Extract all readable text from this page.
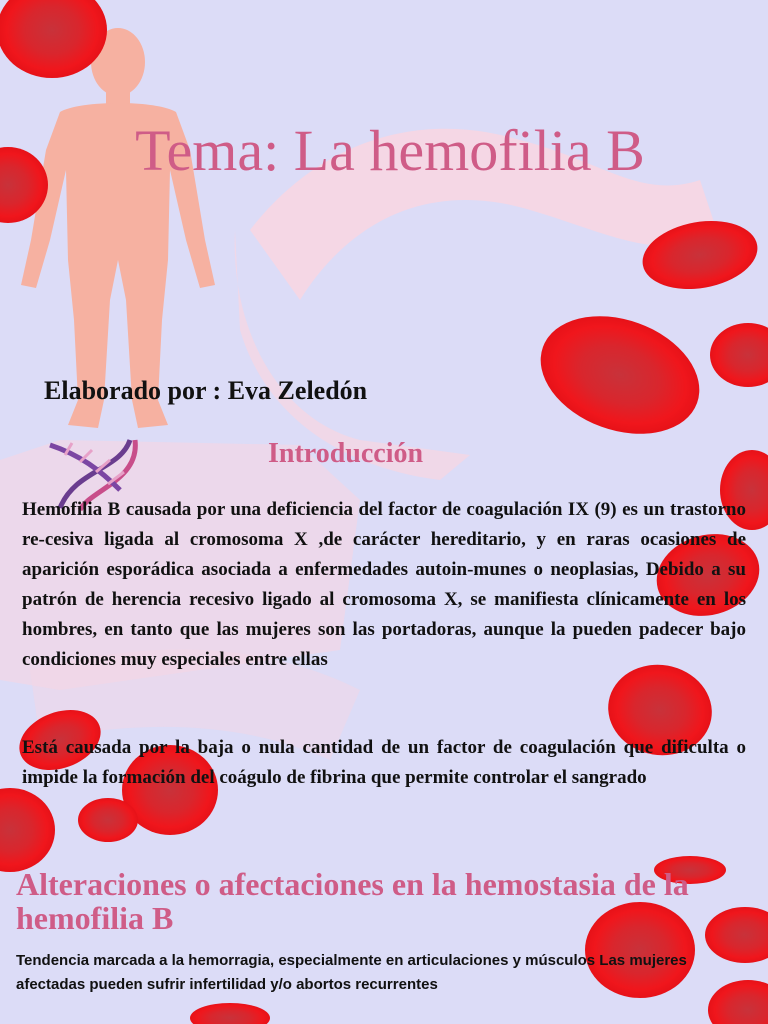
Tema: La hemofilia B
Elaborado por : Eva Zeledón
Introducción

Hemofilia B causada por una deficiencia del factor de coagulación IX (9) es un trastorno re-cesiva ligada al cromosoma X ,de carácter hereditario, y en raras ocasiones de aparición esporádica asociada a enfermedades autoin-munes o neoplasias, Debido a su patrón de herencia recesivo ligado al cromosoma X, se manifiesta clínicamente en los hombres, en tanto que las mujeres son las portadoras, aunque la pueden padecer bajo condiciones muy especiales entre ellas

Está causada por la baja o nula cantidad de un factor de coagulación que dificulta o impide la formación del coágulo de fibrina que permite controlar el sangrado

Alteraciones o afectaciones en la hemostasia de la hemofilia B

Tendencia marcada a la hemorragia, especialmente en articulaciones y músculos Las mujeres afectadas pueden sufrir infertilidad y/o abortos recurrentes
